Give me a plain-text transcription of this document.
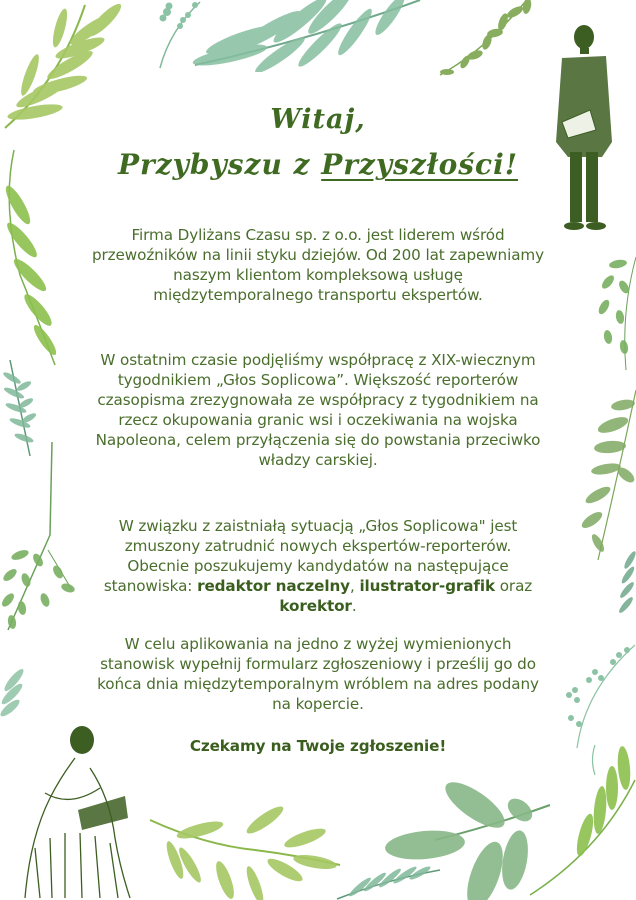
Witaj,
Przybyszu z Przyszłości!
Firma Dyliżans Czasu sp. z o.o. jest liderem wśród przewoźników na linii styku dziejów. Od 200 lat zapewniamy naszym klientom kompleksową usługę międzytemporalnego transportu ekspertów.
W ostatnim czasie podjęliśmy współpracę z XIX-wiecznym tygodnikiem „Głos Soplicowa”. Większość reporterów czasopisma zrezygnowała ze współpracy z tygodnikiem na rzecz okupowania granic wsi i oczekiwania na wojska Napoleona, celem przyłączenia się do powstania przeciwko władzy carskiej.
W związku z zaistniałą sytuacją „Głos Soplicowa" jest zmuszony zatrudnić nowych ekspertów-reporterów. Obecnie poszukujemy kandydatów na następujące stanowiska: redaktor naczelny, ilustrator-grafik oraz korektor.
W celu aplikowania na jedno z wyżej wymienionych stanowisk wypełnij formularz zgłoszeniowy i prześlij go do końca dnia międzytemporalnym wróblem na adres podany na kopercie.
Czekamy na Twoje zgłoszenie!
